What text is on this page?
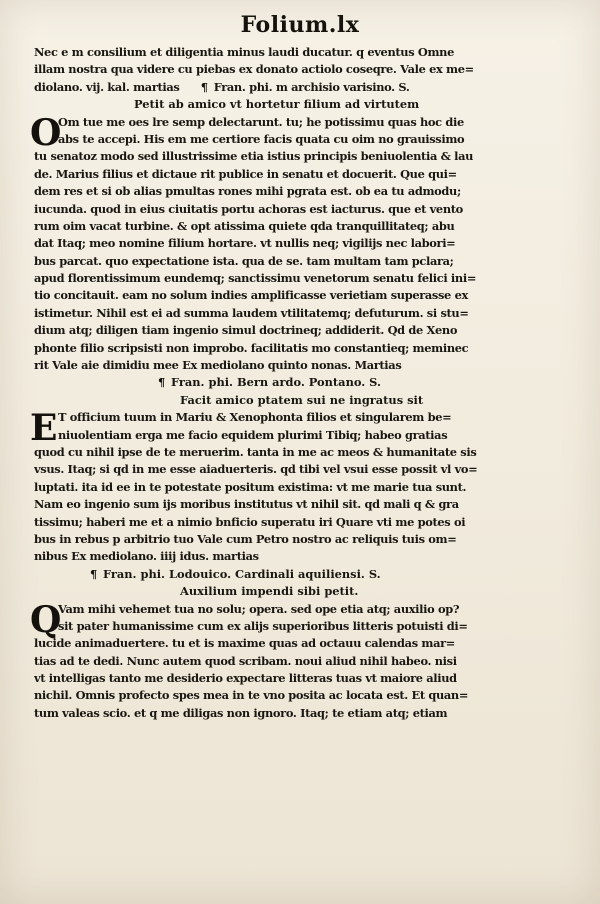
Folium.lx
Nec e m consilium et diligentia minus laudi ducatur. q eventus Omne
illam nostra qua videre cu piebas ex donato actiolo coseqre. Vale ex me=
diolano. vij. kal. martias ¶ Fran. phi. m archisio varisino. S.
Petit ab amico vt hortetur filium ad virtutem
O
Om tue me oes lre semp delectarunt. tu; he potissimu quas hoc die
abs te accepi. His em me certiore facis quata cu oim no grauissimo
tu senatoz modo sed illustrissime etia istius principis beniuolentia & lau
de. Marius filius et dictaue rit publice in senatu et docuerit. Que qui=
dem res et si ob alias pmultas rones mihi pgrata est. ob ea tu admodu;
iucunda. quod in eius ciuitatis portu achoras est iacturus. que et vento
rum oim vacat turbine. & opt atissima quiete qda tranquillitateq; abu
dat Itaq; meo nomine filium hortare. vt nullis neq; vigilijs nec labori=
bus parcat. quo expectatione ista. qua de se. tam multam tam pclara;
apud florentissimum eundemq; sanctissimu venetorum senatu felici ini=
tio concitauit. eam no solum indies amplificasse verietiam superasse ex
istimetur. Nihil est ei ad summa laudem vtilitatemq; defuturum. si stu=
dium atq; diligen tiam ingenio simul doctrineq; addiderit. Qd de Xeno
phonte filio scripsisti non improbo. facilitatis mo constantieq; meminec
rit Vale aie dimidiu mee Ex mediolano quinto nonas. Martias
¶ Fran. phi. Bern ardo. Pontano. S.
Facit amico ptatem sui ne ingratus sit
E T officium tuum in Mariu & Xenophonta filios et singularem be=
niuolentiam erga me facio equidem plurimi Tibiq; habeo gratias
quod cu nihil ipse de te meruerim. tanta in me ac meos & humanitate sis
vsus. Itaq; si qd in me esse aiaduerteris. qd tibi vel vsui esse possit vl vo=
luptati. ita id ee in te potestate positum existima: vt me marie tua sunt.
Nam eo ingenio sum ijs moribus institutus vt nihil sit. qd mali q & gra
tissimu; haberi me et a nimio bnficio superatu iri Quare vti me potes oi
bus in rebus p arbitrio tuo Vale cum Petro nostro ac reliquis tuis om=
nibus Ex mediolano. iiij idus. martias
¶ Fran. phi. Lodouico. Cardinali aquiliensi. S.
Auxilium impendi sibi petit.
Q
Vam mihi vehemet tua no solu; opera. sed ope etia atq; auxilio op?
sit pater humanissime cum ex alijs superioribus litteris potuisti di=
lucide animaduertere. tu et is maxime quas ad octauu calendas mar=
tias ad te dedi. Nunc autem quod scribam. noui aliud nihil habeo. nisi
vt intelligas tanto me desiderio expectare litteras tuas vt maiore aliud
nichil. Omnis profecto spes mea in te vno posita ac locata est. Et quan=
tum valeas scio. et q me diligas non ignoro. Itaq; te etiam atq; etiam
